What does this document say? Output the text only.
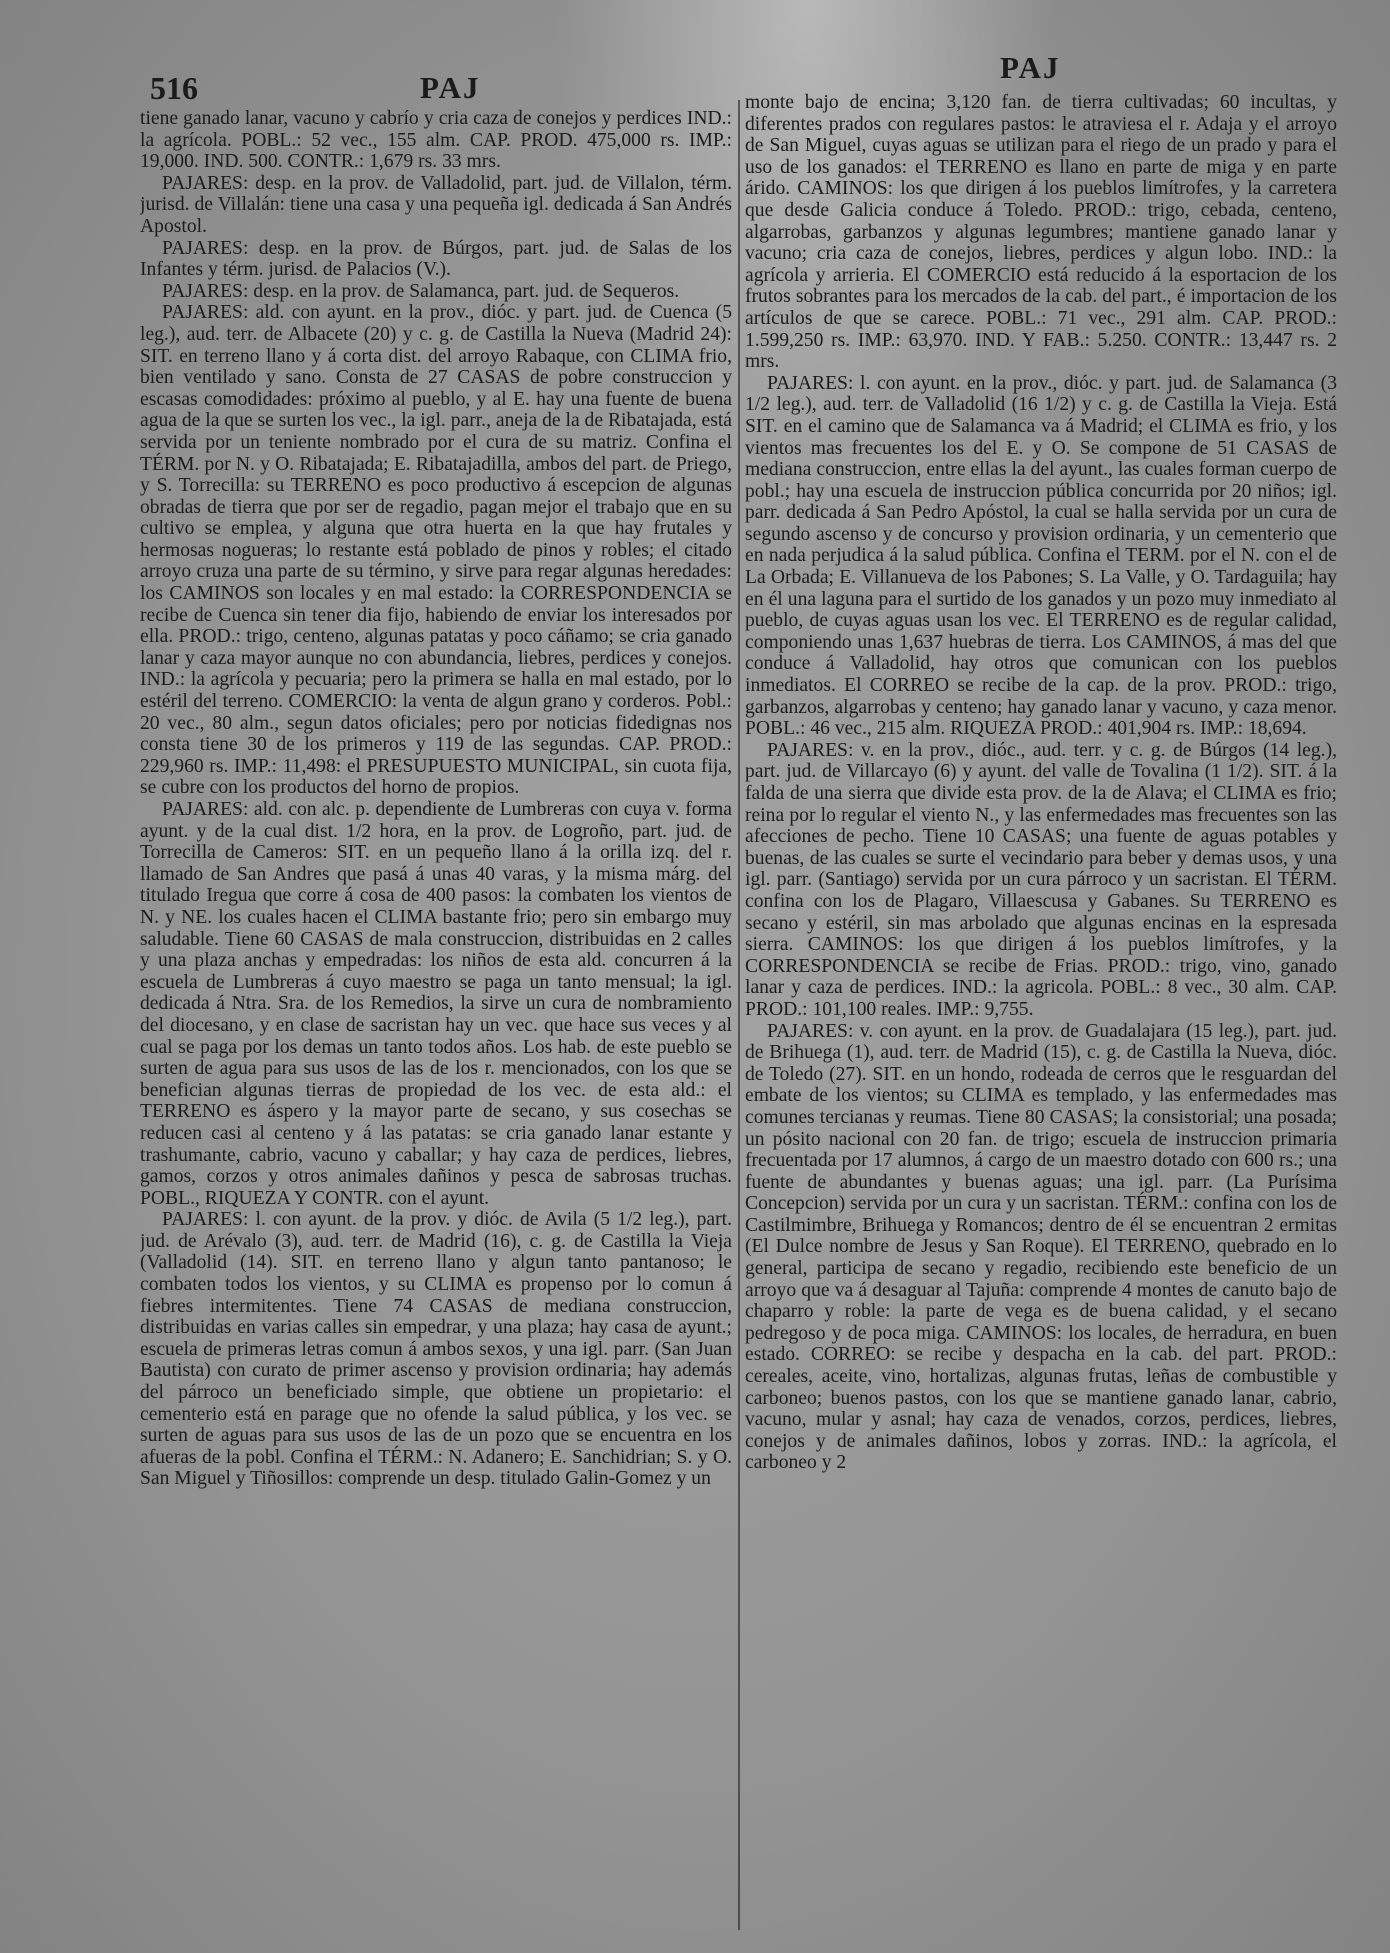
516	PAJ
PAJ

tiene ganado lanar, vacuno y cabrío y cria caza de conejos y perdices IND.: la agrícola. POBL.: 52 vec., 155 alm. CAP. PROD. 475,000 rs. IMP.: 19,000. IND. 500. CONTR.: 1,679 rs. 33 mrs.

PAJARES: desp. en la prov. de Valladolid, part. jud. de Villalon, térm. jurisd. de Villalán: tiene una casa y una pequeña igl. dedicada á San Andrés Apostol.

PAJARES: desp. en la prov. de Búrgos, part. jud. de Salas de los Infantes y térm. jurisd. de Palacios (V.).

PAJARES: desp. en la prov. de Salamanca, part. jud. de Sequeros.

PAJARES: ald. con ayunt. en la prov., dióc. y part. jud. de Cuenca (5 leg.), aud. terr. de Albacete (20) y c. g. de Castilla la Nueva (Madrid 24): SIT. en terreno llano y á corta dist. del arroyo Rabaque, con CLIMA frio, bien ventilado y sano. Consta de 27 CASAS de pobre construccion y escasas comodidades: próximo al pueblo, y al E. hay una fuente de buena agua de la que se surten los vec., la igl. parr., aneja de la de Ribatajada, está servida por un teniente nombrado por el cura de su matriz. Confina el TÉRM. por N. y O. Ribatajada; E. Ribatajadilla, ambos del part. de Priego, y S. Torrecilla: su TERRENO es poco productivo á escepcion de algunas obradas de tierra que por ser de regadio, pagan mejor el trabajo que en su cultivo se emplea, y alguna que otra huerta en la que hay frutales y hermosas nogueras; lo restante está poblado de pinos y robles; el citado arroyo cruza una parte de su término, y sirve para regar algunas heredades: los CAMINOS son locales y en mal estado: la CORRESPONDENCIA se recibe de Cuenca sin tener dia fijo, habiendo de enviar los interesados por ella. PROD.: trigo, centeno, algunas patatas y poco cáñamo; se cria ganado lanar y caza mayor aunque no con abundancia, liebres, perdices y conejos. IND.: la agrícola y pecuaria; pero la primera se halla en mal estado, por lo estéril del terreno. COMERCIO: la venta de algun grano y corderos. Pobl.: 20 vec., 80 alm., segun datos oficiales; pero por noticias fidedignas nos consta tiene 30 de los primeros y 119 de las segundas. CAP. PROD.: 229,960 rs. IMP.: 11,498: el PRESUPUESTO MUNICIPAL, sin cuota fija, se cubre con los productos del horno de propios.

PAJARES: ald. con alc. p. dependiente de Lumbreras con cuya v. forma ayunt. y de la cual dist. 1/2 hora, en la prov. de Logroño, part. jud. de Torrecilla de Cameros: SIT. en un pequeño llano á la orilla izq. del r. llamado de San Andres que pasá á unas 40 varas, y la misma márg. del titulado Iregua que corre á cosa de 400 pasos: la combaten los vientos de N. y NE. los cuales hacen el CLIMA bastante frio; pero sin embargo muy saludable. Tiene 60 CASAS de mala construccion, distribuidas en 2 calles y una plaza anchas y empedradas: los niños de esta ald. concurren á la escuela de Lumbreras á cuyo maestro se paga un tanto mensual; la igl. dedicada á Ntra. Sra. de los Remedios, la sirve un cura de nombramiento del diocesano, y en clase de sacristan hay un vec. que hace sus veces y al cual se paga por los demas un tanto todos años. Los hab. de este pueblo se surten de agua para sus usos de las de los r. mencionados, con los que se benefician algunas tierras de propiedad de los vec. de esta ald.: el TERRENO es áspero y la mayor parte de secano, y sus cosechas se reducen casi al centeno y á las patatas: se cria ganado lanar estante y trashumante, cabrio, vacuno y caballar; y hay caza de perdices, liebres, gamos, corzos y otros animales dañinos y pesca de sabrosas truchas. POBL., RIQUEZA Y CONTR. con el ayunt.

PAJARES: l. con ayunt. de la prov. y dióc. de Avila (5 1/2 leg.), part. jud. de Arévalo (3), aud. terr. de Madrid (16), c. g. de Castilla la Vieja (Valladolid (14). SIT. en terreno llano y algun tanto pantanoso; le combaten todos los vientos, y su CLIMA es propenso por lo comun á fiebres intermitentes. Tiene 74 CASAS de mediana construccion, distribuidas en varias calles sin empedrar, y una plaza; hay casa de ayunt.; escuela de primeras letras comun á ambos sexos, y una igl. parr. (San Juan Bautista) con curato de primer ascenso y provision ordinaria; hay además del párroco un beneficiado simple, que obtiene un propietario: el cementerio está en parage que no ofende la salud pública, y los vec. se surten de aguas para sus usos de las de un pozo que se encuentra en los afueras de la pobl. Confina el TÉRM.: N. Adanero; E. Sanchidrian; S. y O. San Miguel y Tiñosillos: comprende un desp. titulado Galin-Gomez y un

monte bajo de encina; 3,120 fan. de tierra cultivadas; 60 incultas, y diferentes prados con regulares pastos: le atraviesa el r. Adaja y el arroyo de San Miguel, cuyas aguas se utilizan para el riego de un prado y para el uso de los ganados: el TERRENO es llano en parte de miga y en parte árido. CAMINOS: los que dirigen á los pueblos limítrofes, y la carretera que desde Galicia conduce á Toledo. PROD.: trigo, cebada, centeno, algarrobas, garbanzos y algunas legumbres; mantiene ganado lanar y vacuno; cria caza de conejos, liebres, perdices y algun lobo. IND.: la agrícola y arrieria. El COMERCIO está reducido á la esportacion de los frutos sobrantes para los mercados de la cab. del part., é importacion de los artículos de que se carece. POBL.: 71 vec., 291 alm. CAP. PROD.: 1.599,250 rs. IMP.: 63,970. IND. Y FAB.: 5.250. CONTR.: 13,447 rs. 2 mrs.

PAJARES: l. con ayunt. en la prov., dióc. y part. jud. de Salamanca (3 1/2 leg.), aud. terr. de Valladolid (16 1/2) y c. g. de Castilla la Vieja. Está SIT. en el camino que de Salamanca va á Madrid; el CLIMA es frio, y los vientos mas frecuentes los del E. y O. Se compone de 51 CASAS de mediana construccion, entre ellas la del ayunt., las cuales forman cuerpo de pobl.; hay una escuela de instruccion pública concurrida por 20 niños; igl. parr. dedicada á San Pedro Apóstol, la cual se halla servida por un cura de segundo ascenso y de concurso y provision ordinaria, y un cementerio que en nada perjudica á la salud pública. Confina el TERM. por el N. con el de La Orbada; E. Villanueva de los Pabones; S. La Valle, y O. Tardaguila; hay en él una laguna para el surtido de los ganados y un pozo muy inmediato al pueblo, de cuyas aguas usan los vec. El TERRENO es de regular calidad, componiendo unas 1,637 huebras de tierra. Los CAMINOS, á mas del que conduce á Valladolid, hay otros que comunican con los pueblos inmediatos. El CORREO se recibe de la cap. de la prov. PROD.: trigo, garbanzos, algarrobas y centeno; hay ganado lanar y vacuno, y caza menor. POBL.: 46 vec., 215 alm. RIQUEZA PROD.: 401,904 rs. IMP.: 18,694.

PAJARES: v. en la prov., dióc., aud. terr. y c. g. de Búrgos (14 leg.), part. jud. de Villarcayo (6) y ayunt. del valle de Tovalina (1 1/2). SIT. á la falda de una sierra que divide esta prov. de la de Alava; el CLIMA es frio; reina por lo regular el viento N., y las enfermedades mas frecuentes son las afecciones de pecho. Tiene 10 CASAS; una fuente de aguas potables y buenas, de las cuales se surte el vecindario para beber y demas usos, y una igl. parr. (Santiago) servida por un cura párroco y un sacristan. El TÉRM. confina con los de Plagaro, Villaescusa y Gabanes. Su TERRENO es secano y estéril, sin mas arbolado que algunas encinas en la espresada sierra. CAMINOS: los que dirigen á los pueblos limítrofes, y la CORRESPONDENCIA se recibe de Frias. PROD.: trigo, vino, ganado lanar y caza de perdices. IND.: la agricola. POBL.: 8 vec., 30 alm. CAP. PROD.: 101,100 reales. IMP.: 9,755.

PAJARES: v. con ayunt. en la prov. de Guadalajara (15 leg.), part. jud. de Brihuega (1), aud. terr. de Madrid (15), c. g. de Castilla la Nueva, dióc. de Toledo (27). SIT. en un hondo, rodeada de cerros que le resguardan del embate de los vientos; su CLIMA es templado, y las enfermedades mas comunes tercianas y reumas. Tiene 80 CASAS; la consistorial; una posada; un pósito nacional con 20 fan. de trigo; escuela de instruccion primaria frecuentada por 17 alumnos, á cargo de un maestro dotado con 600 rs.; una fuente de abundantes y buenas aguas; una igl. parr. (La Purísima Concepcion) servida por un cura y un sacristan. TÉRM.: confina con los de Castilmimbre, Brihuega y Romancos; dentro de él se encuentran 2 ermitas (El Dulce nombre de Jesus y San Roque). El TERRENO, quebrado en lo general, participa de secano y regadio, recibiendo este beneficio de un arroyo que va á desaguar al Tajuña: comprende 4 montes de canuto bajo de chaparro y roble: la parte de vega es de buena calidad, y el secano pedregoso y de poca miga. CAMINOS: los locales, de herradura, en buen estado. CORREO: se recibe y despacha en la cab. del part. PROD.: cereales, aceite, vino, hortalizas, algunas frutas, leñas de combustible y carboneo; buenos pastos, con los que se mantiene ganado lanar, cabrio, vacuno, mular y asnal; hay caza de venados, corzos, perdices, liebres, conejos y de animales dañinos, lobos y zorras. IND.: la agrícola, el carboneo y 2
